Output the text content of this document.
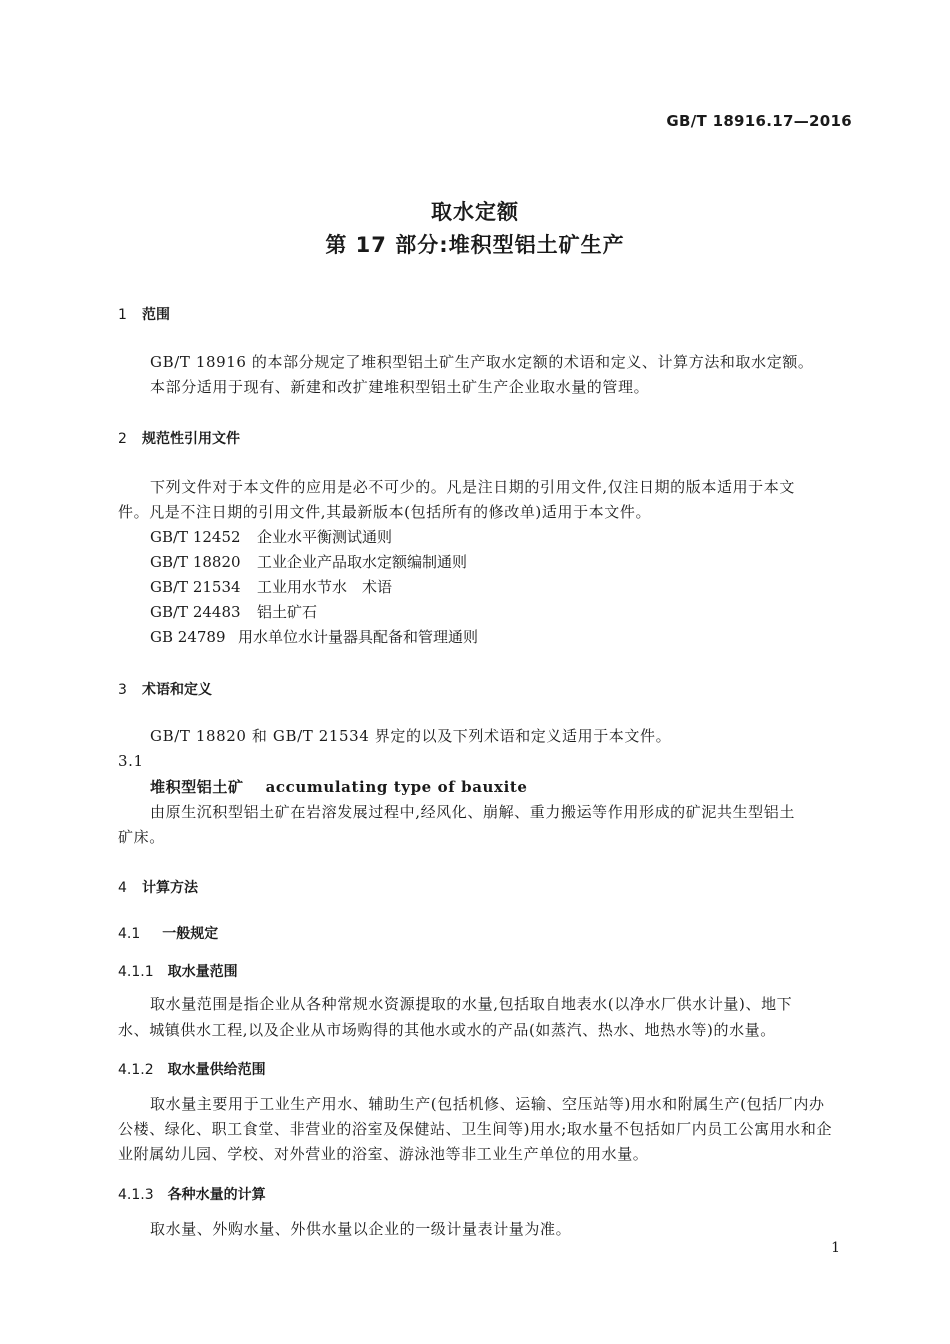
GB/T 18916.17—2016
取水定额
第 17 部分:堆积型铝土矿生产
1 范围
GB/T 18916 的本部分规定了堆积型铝土矿生产取水定额的术语和定义、计算方法和取水定额。
本部分适用于现有、新建和改扩建堆积型铝土矿生产企业取水量的管理。
2 规范性引用文件
下列文件对于本文件的应用是必不可少的。凡是注日期的引用文件,仅注日期的版本适用于本文
件。凡是不注日期的引用文件,其最新版本(包括所有的修改单)适用于本文件。
GB/T 12452 企业水平衡测试通则
GB/T 18820 工业企业产品取水定额编制通则
GB/T 21534 工业用水节水　术语
GB/T 24483 铝土矿石
GB 24789 用水单位水计量器具配备和管理通则
3 术语和定义
GB/T 18820 和 GB/T 21534 界定的以及下列术语和定义适用于本文件。
3.1
堆积型铝土矿 accumulating type of bauxite
由原生沉积型铝土矿在岩溶发展过程中,经风化、崩解、重力搬运等作用形成的矿泥共生型铝土
矿床。
4 计算方法
4.1 一般规定
4.1.1 取水量范围
取水量范围是指企业从各种常规水资源提取的水量,包括取自地表水(以净水厂供水计量)、地下
水、城镇供水工程,以及企业从市场购得的其他水或水的产品(如蒸汽、热水、地热水等)的水量。
4.1.2 取水量供给范围
取水量主要用于工业生产用水、辅助生产(包括机修、运输、空压站等)用水和附属生产(包括厂内办
公楼、绿化、职工食堂、非营业的浴室及保健站、卫生间等)用水;取水量不包括如厂内员工公寓用水和企
业附属幼儿园、学校、对外营业的浴室、游泳池等非工业生产单位的用水量。
4.1.3 各种水量的计算
取水量、外购水量、外供水量以企业的一级计量表计量为准。
1
